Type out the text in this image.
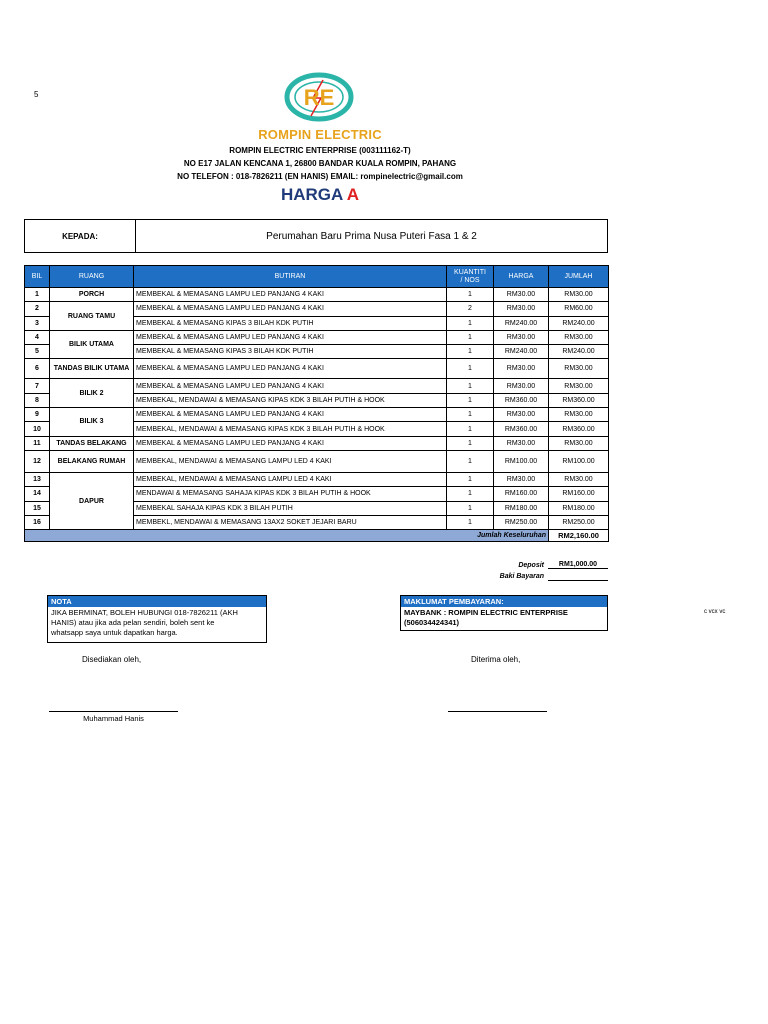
5	RE
ROMPIN ELECTRIC
ROMPIN ELECTRIC ENTERPRISE (003111162-T)
NO E17 JALAN KENCANA 1, 26800 BANDAR KUALA ROMPIN, PAHANG
NO TELEFON : 018-7826211 (EN HANIS) EMAIL: rompinelectric@gmail.com
HARGA A
KEPADA:	Perumahan Baru Prima Nusa Puteri Fasa 1 & 2
BIL	RUANG	BUTIRAN	KUANTITI
/ NOS	HARGA	JUMLAH
1	PORCH	MEMBEKAL & MEMASANG LAMPU LED PANJANG 4 KAKI	1	RM30.00	RM30.00
2	RUANG TAMU	MEMBEKAL & MEMASANG LAMPU LED PANJANG 4 KAKI	2	RM30.00	RM60.00
3		MEMBEKAL & MEMASANG KIPAS 3 BILAH KDK PUTIH	1	RM240.00	RM240.00
4	BILIK UTAMA	MEMBEKAL & MEMASANG LAMPU LED PANJANG 4 KAKI	1	RM30.00	RM30.00
5		MEMBEKAL & MEMASANG KIPAS 3 BILAH KDK PUTIH	1	RM240.00	RM240.00
6	TANDAS BILIK UTAMA	MEMBEKAL & MEMASANG LAMPU LED PANJANG 4 KAKI	1	RM30.00	RM30.00
7	BILIK 2	MEMBEKAL & MEMASANG LAMPU LED PANJANG 4 KAKI	1	RM30.00	RM30.00
8		MEMBEKAL, MENDAWAI & MEMASANG KIPAS KDK 3 BILAH PUTIH & HOOK	1	RM360.00	RM360.00
9	BILIK 3	MEMBEKAL & MEMASANG LAMPU LED PANJANG 4 KAKI	1	RM30.00	RM30.00
10		MEMBEKAL, MENDAWAI & MEMASANG KIPAS KDK 3 BILAH PUTIH & HOOK	1	RM360.00	RM360.00
11	TANDAS BELAKANG	MEMBEKAL & MEMASANG LAMPU LED PANJANG 4 KAKI	1	RM30.00	RM30.00
12	BELAKANG RUMAH	MEMBEKAL, MENDAWAI & MEMASANG LAMPU LED 4 KAKI	1	RM100.00	RM100.00
13	DAPUR	MEMBEKAL, MENDAWAI & MEMASANG LAMPU LED 4 KAKI	1	RM30.00	RM30.00
14		MENDAWAI & MEMASANG SAHAJA KIPAS KDK 3 BILAH PUTIH & HOOK	1	RM160.00	RM160.00
15		MEMBEKAL SAHAJA KIPAS KDK 3 BILAH PUTIH	1	RM180.00	RM180.00
16		MEMBEKL, MENDAWAI & MEMASANG 13AX2 SOKET JEJARI BARU	1	RM250.00	RM250.00
Jumlah Keseluruhan					RM2,160.00
Deposit	RM1,000.00
Baki Bayaran
NOTA
JIKA BERMINAT, BOLEH HUBUNGI 018-7826211 (AKH
HANIS) atau jika ada pelan sendiri, boleh sent ke
whatsapp saya untuk dapatkan harga.
MAKLUMAT PEMBAYARAN:
MAYBANK : ROMPIN ELECTRIC ENTERPRISE
(506034424341)
c vcx vc
Disediakan oleh,	Diterima oleh,
Muhammad Hanis
